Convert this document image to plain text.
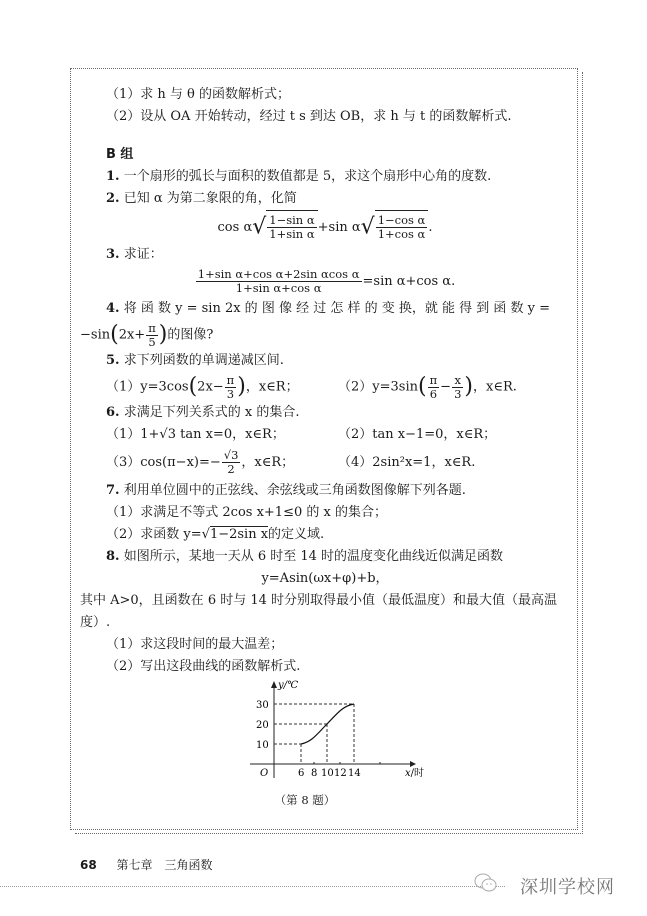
（1）求 h 与 θ 的函数解析式；
（2）设从 OA 开始转动，经过 t s 到达 OB，求 h 与 t 的函数解析式.
B 组
1. 一个扇形的弧长与面积的数值都是 5，求这个扇形中心角的度数.
2. 已知 α 为第二象限的角，化简
$\cos \alpha√ \frac{\text{1−sin α}}{\text{1+sin α}} +\sin$ $\alpha√ \frac{\text{1−cos α}}{\text{1+cos α}}$ .
3. 求证：
$\frac{\text{1+sin α+cos α+2sin αcos α}}{\text{1+sin α+cos α}} =\sin$ α+cos α.
4. 将 函 数 y = sin 2x 的 图 像 经 过 怎 样 的 变 换，就 能 得 到 函 数 y =
$-\sin(2x+ \frac{\pi}{5}$ )的图像?
5. 求下列函数的单调递减区间.
$(1)y=3\cos(2x- \frac{\pi}{3}$ )，x∈R；	$(2)y=3\sin( \frac{\pi}{6} - \frac{x}{3}$ )，x∈R.
6. 求满足下列关系式的 x 的集合.
（1）1+√3 tan x=0，x∈R；	（2）tan x−1=0，x∈R；
$(3)\cos(\pi-x)=- \frac{√3}{2}$ ，x∈R；	（4）2sin²x=1，x∈R.
7. 利用单位圆中的正弦线、余弦线或三角函数图像解下列各题.
（1）求满足不等式 2cos x+1≤0 的 x 的集合；
（2）求函数 y=√1−2sin x的定义域.
8. 如图所示，某地一天从 6 时至 14 时的温度变化曲线近似满足函数
y=Asin(ωx+φ)+b，
其中 A>0，且函数在 6 时与 14 时分别取得最小值（最低温度）和最大值（最高温度）.
（1）求这段时间的最大温差；
（2）写出这段曲线的函数解析式.
y/℃
30
20
10
O	6 8 10 12 14	x/时
（第 8 题）
68 第七章　三角函数
深圳学校网
